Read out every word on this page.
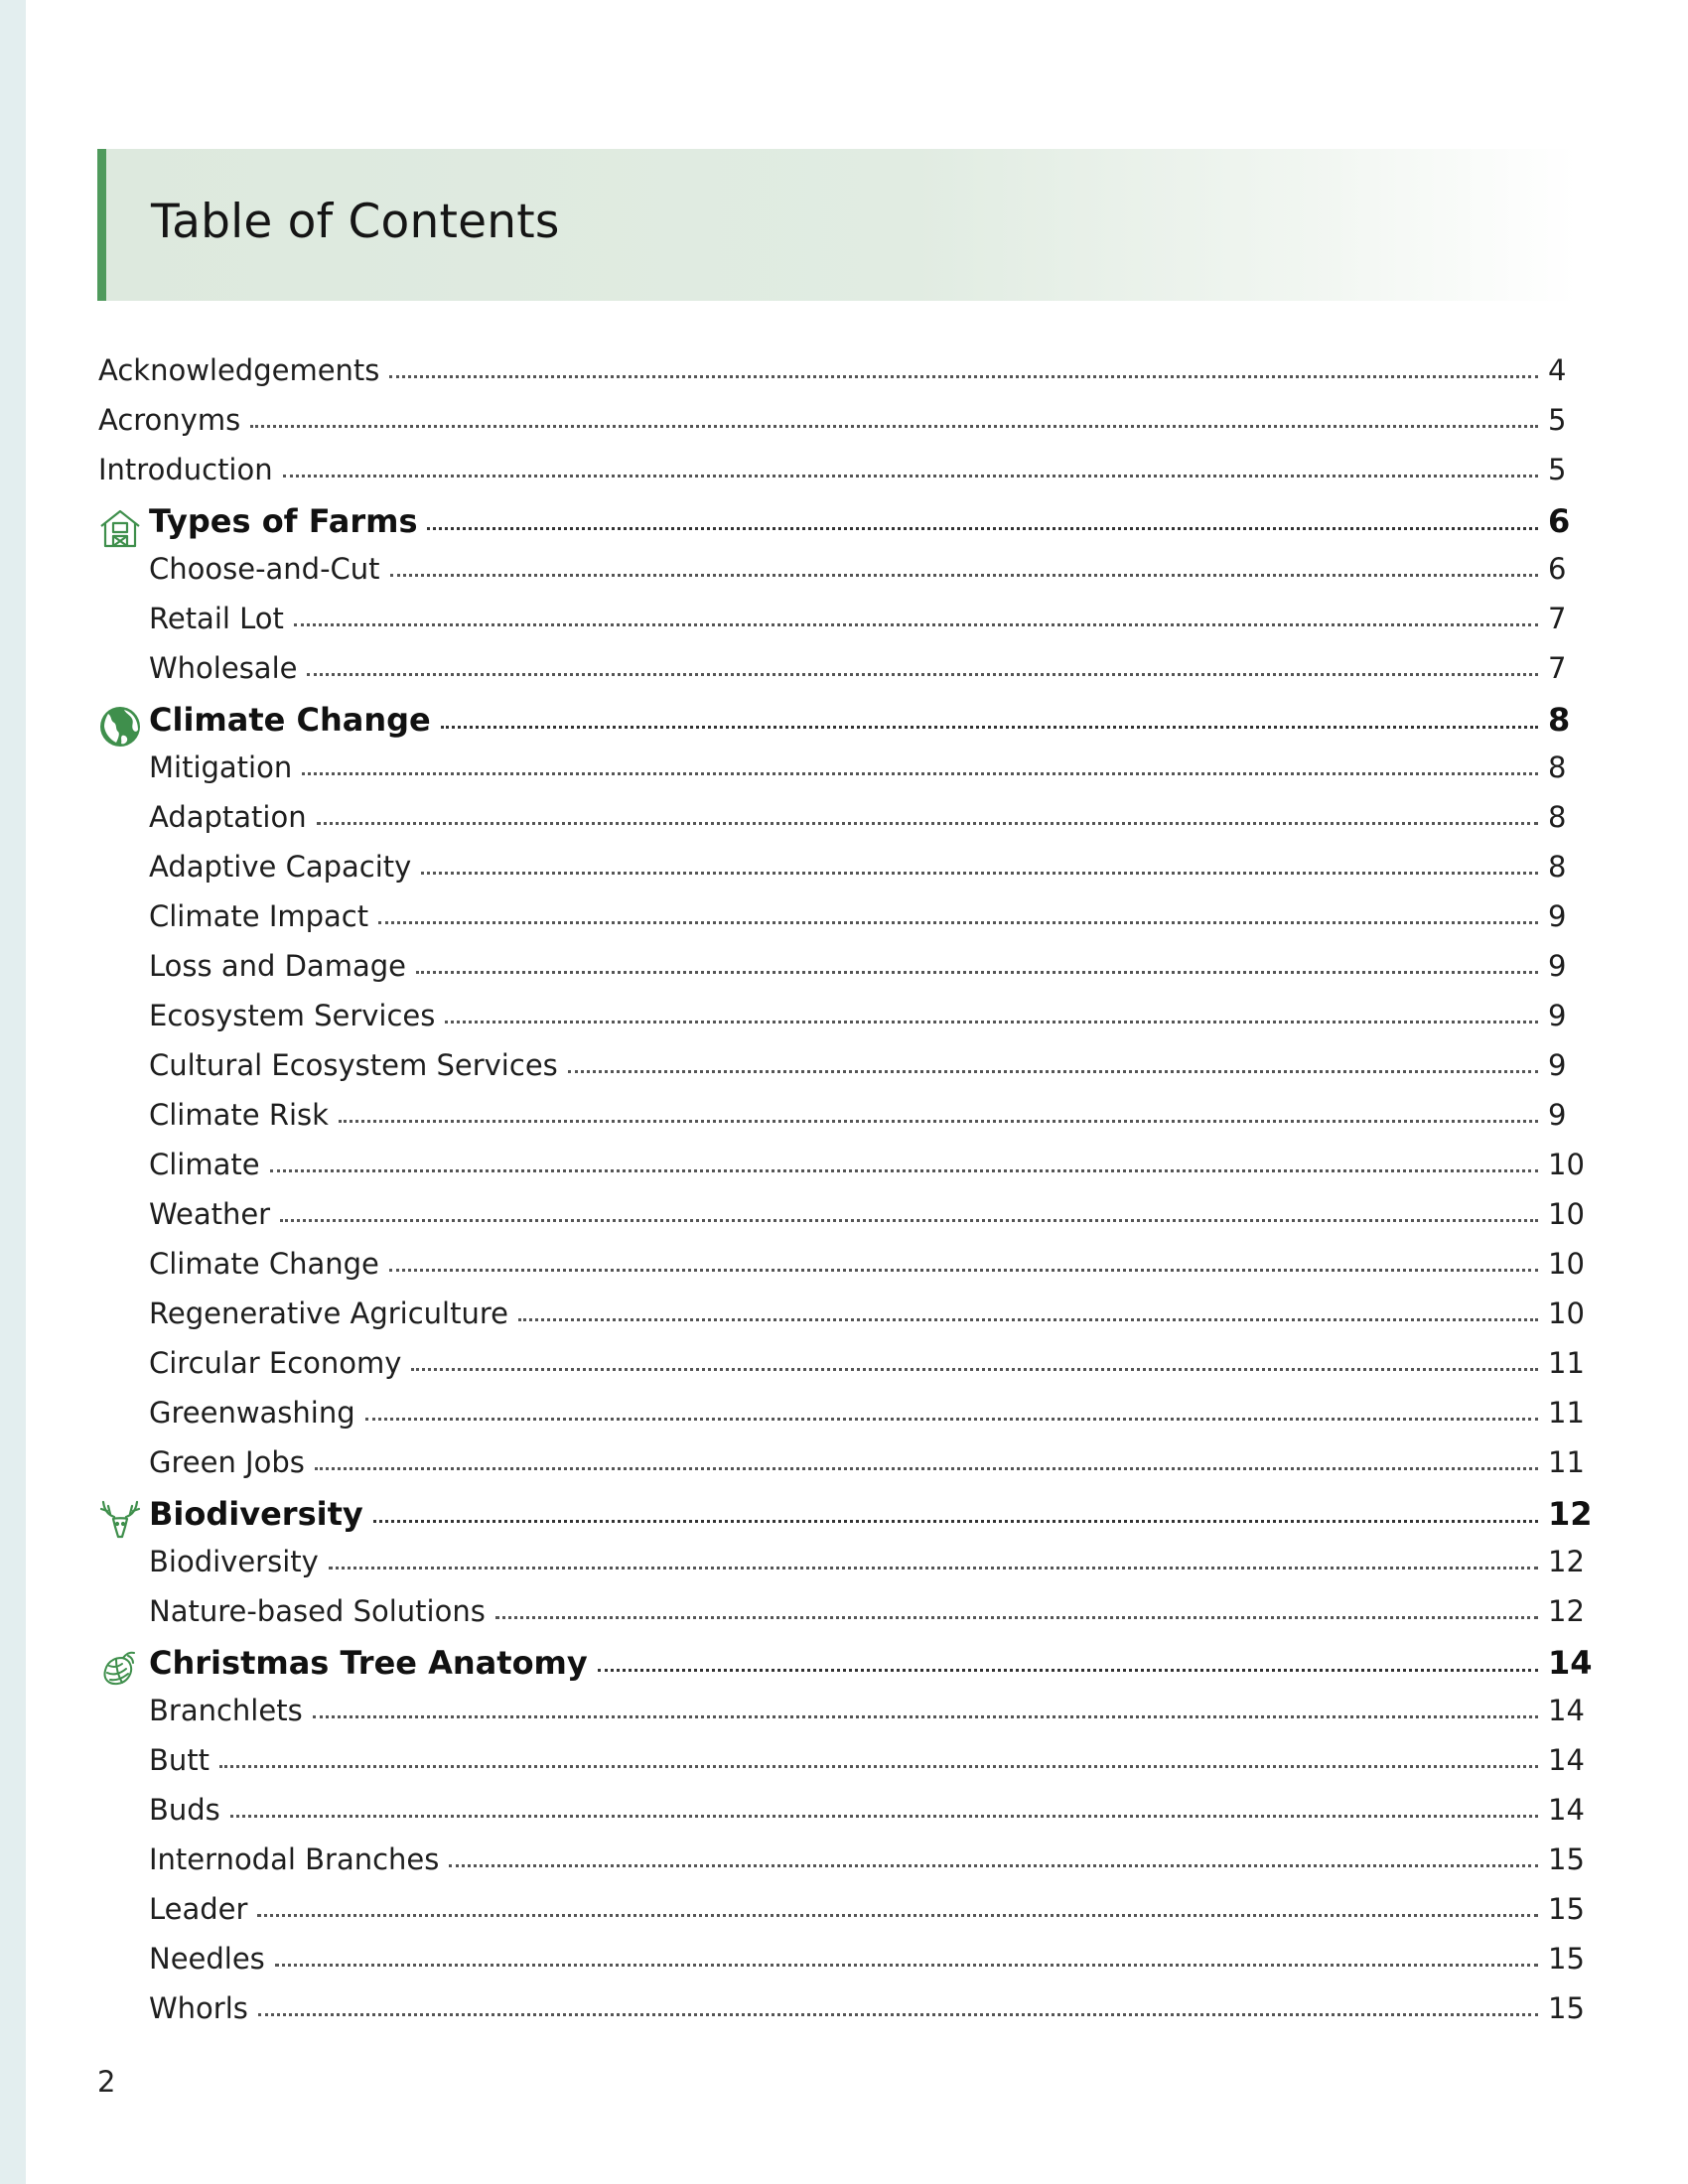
Table of Contents
Acknowledgements	4
Acronyms	5
Introduction	5
Types of Farms	6
Choose-and-Cut	6
Retail Lot	7
Wholesale	7
Climate Change	8
Mitigation	8
Adaptation	8
Adaptive Capacity	8
Climate Impact	9
Loss and Damage	9
Ecosystem Services	9
Cultural Ecosystem Services	9
Climate Risk	9
Climate	10
Weather	10
Climate Change	10
Regenerative Agriculture	10
Circular Economy	11
Greenwashing	11
Green Jobs	11
Biodiversity	12
Biodiversity	12
Nature-based Solutions	12
Christmas Tree Anatomy	14
Branchlets	14
Butt	14
Buds	14
Internodal Branches	15
Leader	15
Needles	15
Whorls	15
2
